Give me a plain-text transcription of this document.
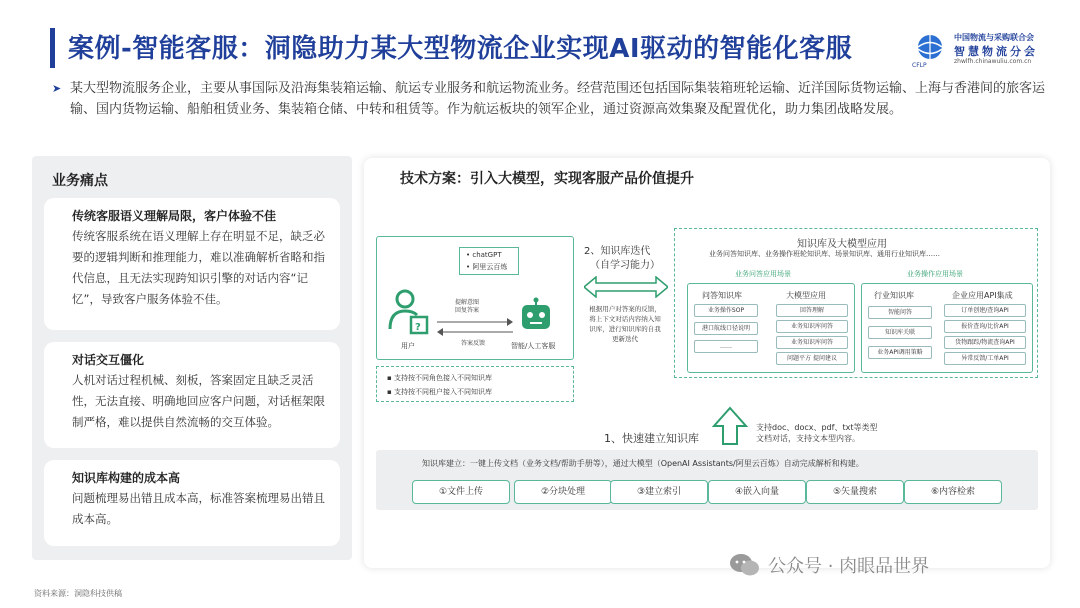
案例-智能客服：洞隐助力某大型物流企业实现AI驱动的智能化客服	中国物流与采购联合会
智慧物流分会
zhwlfh.chinawuliu.com.cn
CFLP
➤ 某大型物流服务企业，主要从事国际及沿海集装箱运输、航运专业服务和航运物流业务。经营范围还包括国际集装箱班轮运输、近洋国际货物运输、上海与香港间的旅客运输、国内货物运输、船舶租赁业务、集装箱仓储、中转和租赁等。作为航运板块的领军企业，通过资源高效集聚及配置优化，助力集团战略发展。

业务痛点
传统客服语义理解局限，客户体验不佳

传统客服系统在语义理解上存在明显不足，缺乏必要的逻辑判断和推理能力，难以准确解析省略和指代信息，且无法实现跨知识引擎的对话内容“记忆”，导致客户服务体验不佳。

对话交互僵化

人机对话过程机械、刻板，答案固定且缺乏灵活性，无法直接、明确地回应客户问题，对话框架限制严格，难以提供自然流畅的交互体验。

知识库构建的成本高

问题梳理易出错且成本高，标准答案梳理易出错且成本高。

技术方案：引入大模型，实现客服产品价值提升
• chatGPT
• 阿里云百炼
?
用户	智能/人工客服
提解意图
回复答案
答案反馈
▪ 支持按不同角色接入不同知识库
▪ 支持按不同租户接入不同知识库
2、知识库迭代
（自学习能力）
根据用户对答案的反馈，将上下文对话内容纳入知识库，进行知识库的自我更新迭代
知识库及大模型应用
业务问答知识库、业务操作班轮知识库、场景知识库、通用行业知识库……
业务问答应用场景	业务操作应用场景
问答知识库
业务操作SOP
港口航线口径说明
……
大模型应用
回答理解
业务知识库问答
业务知识库问答
问题平方 提问建议
行业知识库
智能问答
知识库关联
业务API调用策略
企业应用API集成
订单创建/查询API
报价查询/比价API
货物跟踪/物流查询API
异常反馈/工单API
1、快速建立知识库
支持doc、docx、pdf、txt等类型
文档对话，支持文本型内容。
知识库建立：一键上传文档（业务文档/帮助手册等），通过大模型（OpenAI Assistants/阿里云百炼）自动完成解析和构建。
①文件上传	②分块处理	③建立索引	④嵌入向量	⑤矢量搜索	⑥内容检索
资料来源：洞隐科技供稿
公众号 · 肉眼品世界
